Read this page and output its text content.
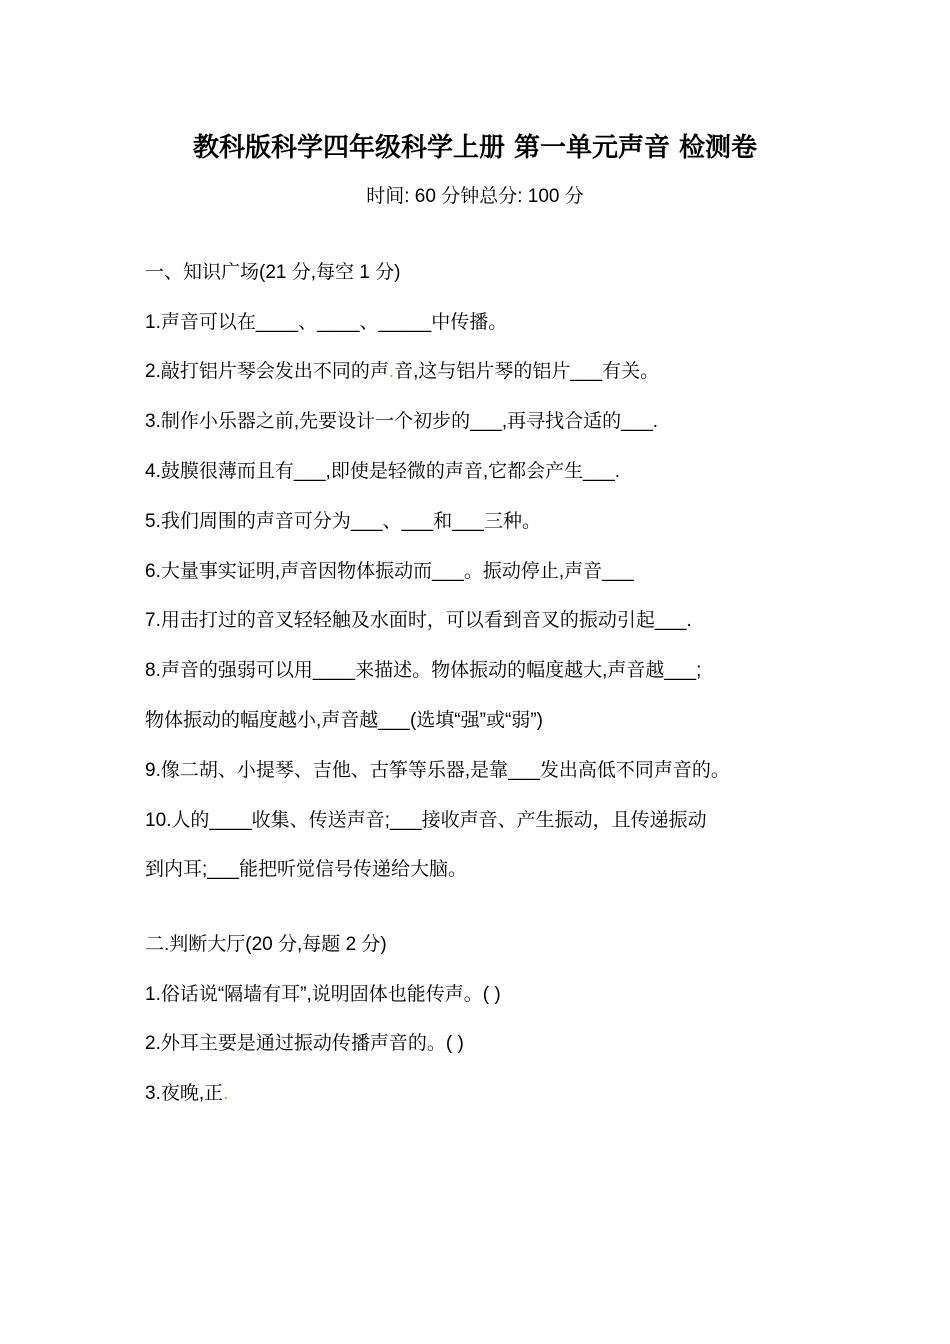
教科版科学四年级科学上册 第一单元声音 检测卷
时间: 60 分钟总分: 100 分
一、知识广场(21 分,每空 1 分)
1.声音可以在____、____、_____中传播。
2.敲打铝片琴会发出不同的声.音,这与铝片琴的铝片___有关。
3.制作小乐器之前,先要设计一个初步的___,再寻找合适的___.
4.鼓膜很薄而且有___,即使是轻微的声音,它都会产生___.
5.我们周围的声音可分为___、___和___三种。
6.大量事实证明,声音因物体振动而___。振动停止,声音___
7.用击打过的音叉轻轻触及水面时，可以看到音叉的振动引起___.
8.声音的强弱可以用____来描述。物体振动的幅度越大,声音越___;
物体振动的幅度越小,声音越___(选填“强”或“弱”)
9.像二胡、小提琴、吉他、古筝等乐器,是靠___发出高低不同声音的。
10.人的____收集、传送声音;___接收声音、产生振动，且传递振动
到内耳;___能把听觉信号传递给大脑。
二.判断大厅(20 分,每题 2 分)
1.俗话说“隔墙有耳”,说明固体也能传声。( )
2.外耳主要是通过振动传播声音的。( )
3.夜晚,正.
